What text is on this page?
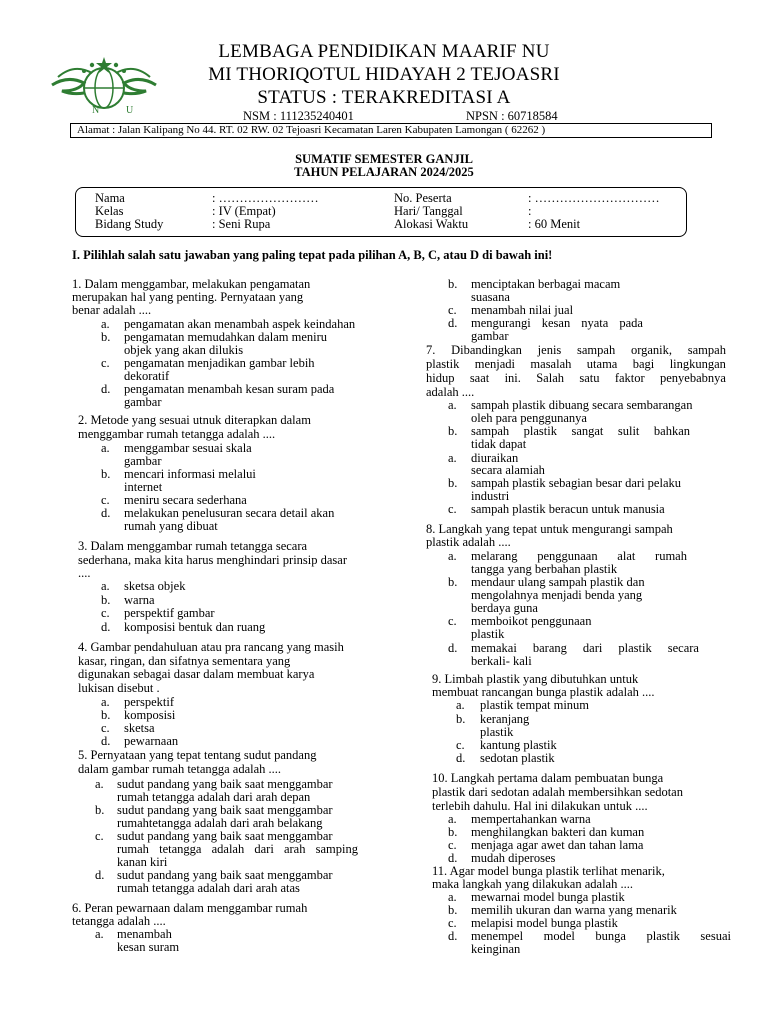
N	U
LEMBAGA PENDIDIKAN MAARIF NU
MI THORIQOTUL HIDAYAH 2 TEJOASRI
STATUS : TERAKREDITASI A
NSM : 111235240401	NPSN : 60718584
Alamat : Jalan Kalipang No 44. RT. 02 RW. 02 Tejoasri Kecamatan Laren Kabupaten Lamongan ( 62262 )
SUMATIF SEMESTER GANJIL
TAHUN PELAJARAN 2024/2025
Nama	: ……………………
Kelas	: IV (Empat)
Bidang Study	: Seni Rupa
No. Peserta	: …………………………
Hari/ Tanggal	:
Alokasi Waktu	: 60 Menit
I. Pilihlah salah satu jawaban yang paling tepat pada pilihan A, B, C, atau D di bawah ini!
1. Dalam menggambar, melakukan pengamatan
merupakan hal yang penting. Pernyataan yang
benar adalah ....
a. pengamatan akan menambah aspek keindahan
b. pengamatan memudahkan dalam meniru
objek yang akan dilukis
c. pengamatan menjadikan gambar lebih
dekoratif
d. pengamatan menambah kesan suram pada
gambar
2. Metode yang sesuai utnuk diterapkan dalam
menggambar rumah tetangga adalah ....
a. menggambar sesuai skala
gambar
b. mencari informasi melalui
internet
c. meniru secara sederhana
d. melakukan penelusuran secara detail akan
rumah yang dibuat
3. Dalam menggambar rumah tetangga secara
sederhana, maka kita harus menghindari prinsip dasar
....
a. sketsa objek
b. warna
c. perspektif gambar
d. komposisi bentuk dan ruang
4. Gambar pendahuluan atau pra rancang yang masih
kasar, ringan, dan sifatnya sementara yang
digunakan sebagai dasar dalam membuat karya
lukisan disebut .
a. perspektif
b. komposisi
c. sketsa
d. pewarnaan
5. Pernyataan yang tepat tentang sudut pandang
dalam gambar rumah tetangga adalah ....
a. sudut pandang yang baik saat menggambar
rumah tetangga adalah dari arah depan
b. sudut pandang yang baik saat menggambar
rumahtetangga adalah dari arah belakang
c. sudut pandang yang baik saat menggambar
rumah tetangga adalah dari arah samping
kanan kiri
d. sudut pandang yang baik saat menggambar
rumah tetangga adalah dari arah atas
6. Peran pewarnaan dalam menggambar rumah
tetangga adalah ....
a. menambah
kesan suram
b. menciptakan berbagai macam
suasana
c. menambah nilai jual
d. mengurangi kesan nyata pada
gambar
7. Dibandingkan jenis sampah organik, sampah
plastik menjadi masalah utama bagi lingkungan
hidup saat ini. Salah satu faktor penyebabnya
adalah ....
a. sampah plastik dibuang secara sembarangan
oleh para penggunanya
b. sampah plastik sangat sulit bahkan
tidak dapat
a. diuraikan
secara alamiah
b. sampah plastik sebagian besar dari pelaku
industri
c. sampah plastik beracun untuk manusia
8. Langkah yang tepat untuk mengurangi sampah
plastik adalah ....
a. melarang penggunaan alat rumah
tangga yang berbahan plastik
b. mendaur ulang sampah plastik dan
mengolahnya menjadi benda yang
berdaya guna
c. memboikot penggunaan
plastik
d. memakai barang dari plastik secara
berkali- kali
9. Limbah plastik yang dibutuhkan untuk
membuat rancangan bunga plastik adalah ....
a. plastik tempat minum
b. keranjang
plastik
c. kantung plastik
d. sedotan plastik
10. Langkah pertama dalam pembuatan bunga
plastik dari sedotan adalah membersihkan sedotan
terlebih dahulu. Hal ini dilakukan untuk ....
a. mempertahankan warna
b. menghilangkan bakteri dan kuman
c. menjaga agar awet dan tahan lama
d. mudah diperoses
11. Agar model bunga plastik terlihat menarik,
maka langkah yang dilakukan adalah ....
a. mewarnai model bunga plastik
b. memilih ukuran dan warna yang menarik
c. melapisi model bunga plastik
d. menempel model bunga plastik sesuai
keinginan
